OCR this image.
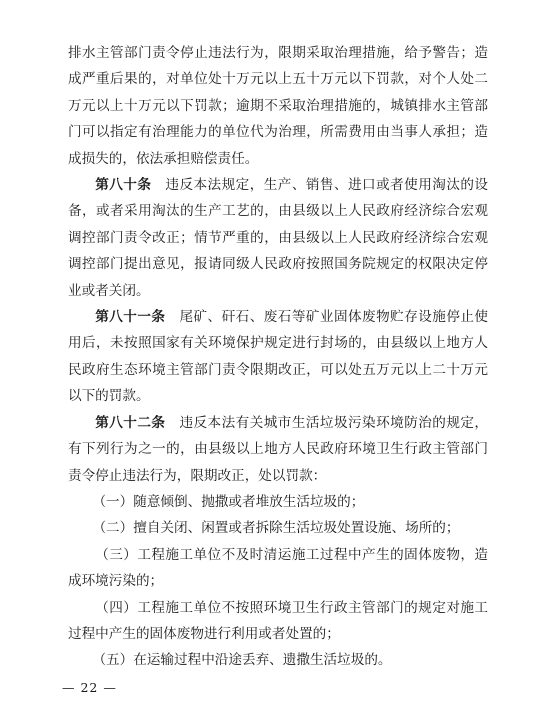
排水主管部门责令停止违法行为，限期采取治理措施，给予警告；造成严重后果的，对单位处十万元以上五十万元以下罚款，对个人处二万元以上十万元以下罚款；逾期不采取治理措施的，城镇排水主管部门可以指定有治理能力的单位代为治理，所需费用由当事人承担；造成损失的，依法承担赔偿责任。

第八十条　违反本法规定，生产、销售、进口或者使用淘汰的设备，或者采用淘汰的生产工艺的，由县级以上人民政府经济综合宏观调控部门责令改正；情节严重的，由县级以上人民政府经济综合宏观调控部门提出意见，报请同级人民政府按照国务院规定的权限决定停业或者关闭。

第八十一条　尾矿、矸石、废石等矿业固体废物贮存设施停止使用后，未按照国家有关环境保护规定进行封场的，由县级以上地方人民政府生态环境主管部门责令限期改正，可以处五万元以上二十万元以下的罚款。

第八十二条　违反本法有关城市生活垃圾污染环境防治的规定，有下列行为之一的，由县级以上地方人民政府环境卫生行政主管部门责令停止违法行为，限期改正，处以罚款：

（一）随意倾倒、抛撒或者堆放生活垃圾的；

（二）擅自关闭、闲置或者拆除生活垃圾处置设施、场所的；

（三）工程施工单位不及时清运施工过程中产生的固体废物，造成环境污染的；

（四）工程施工单位不按照环境卫生行政主管部门的规定对施工过程中产生的固体废物进行利用或者处置的；

（五）在运输过程中沿途丢弃、遗撒生活垃圾的。

— 22 —
